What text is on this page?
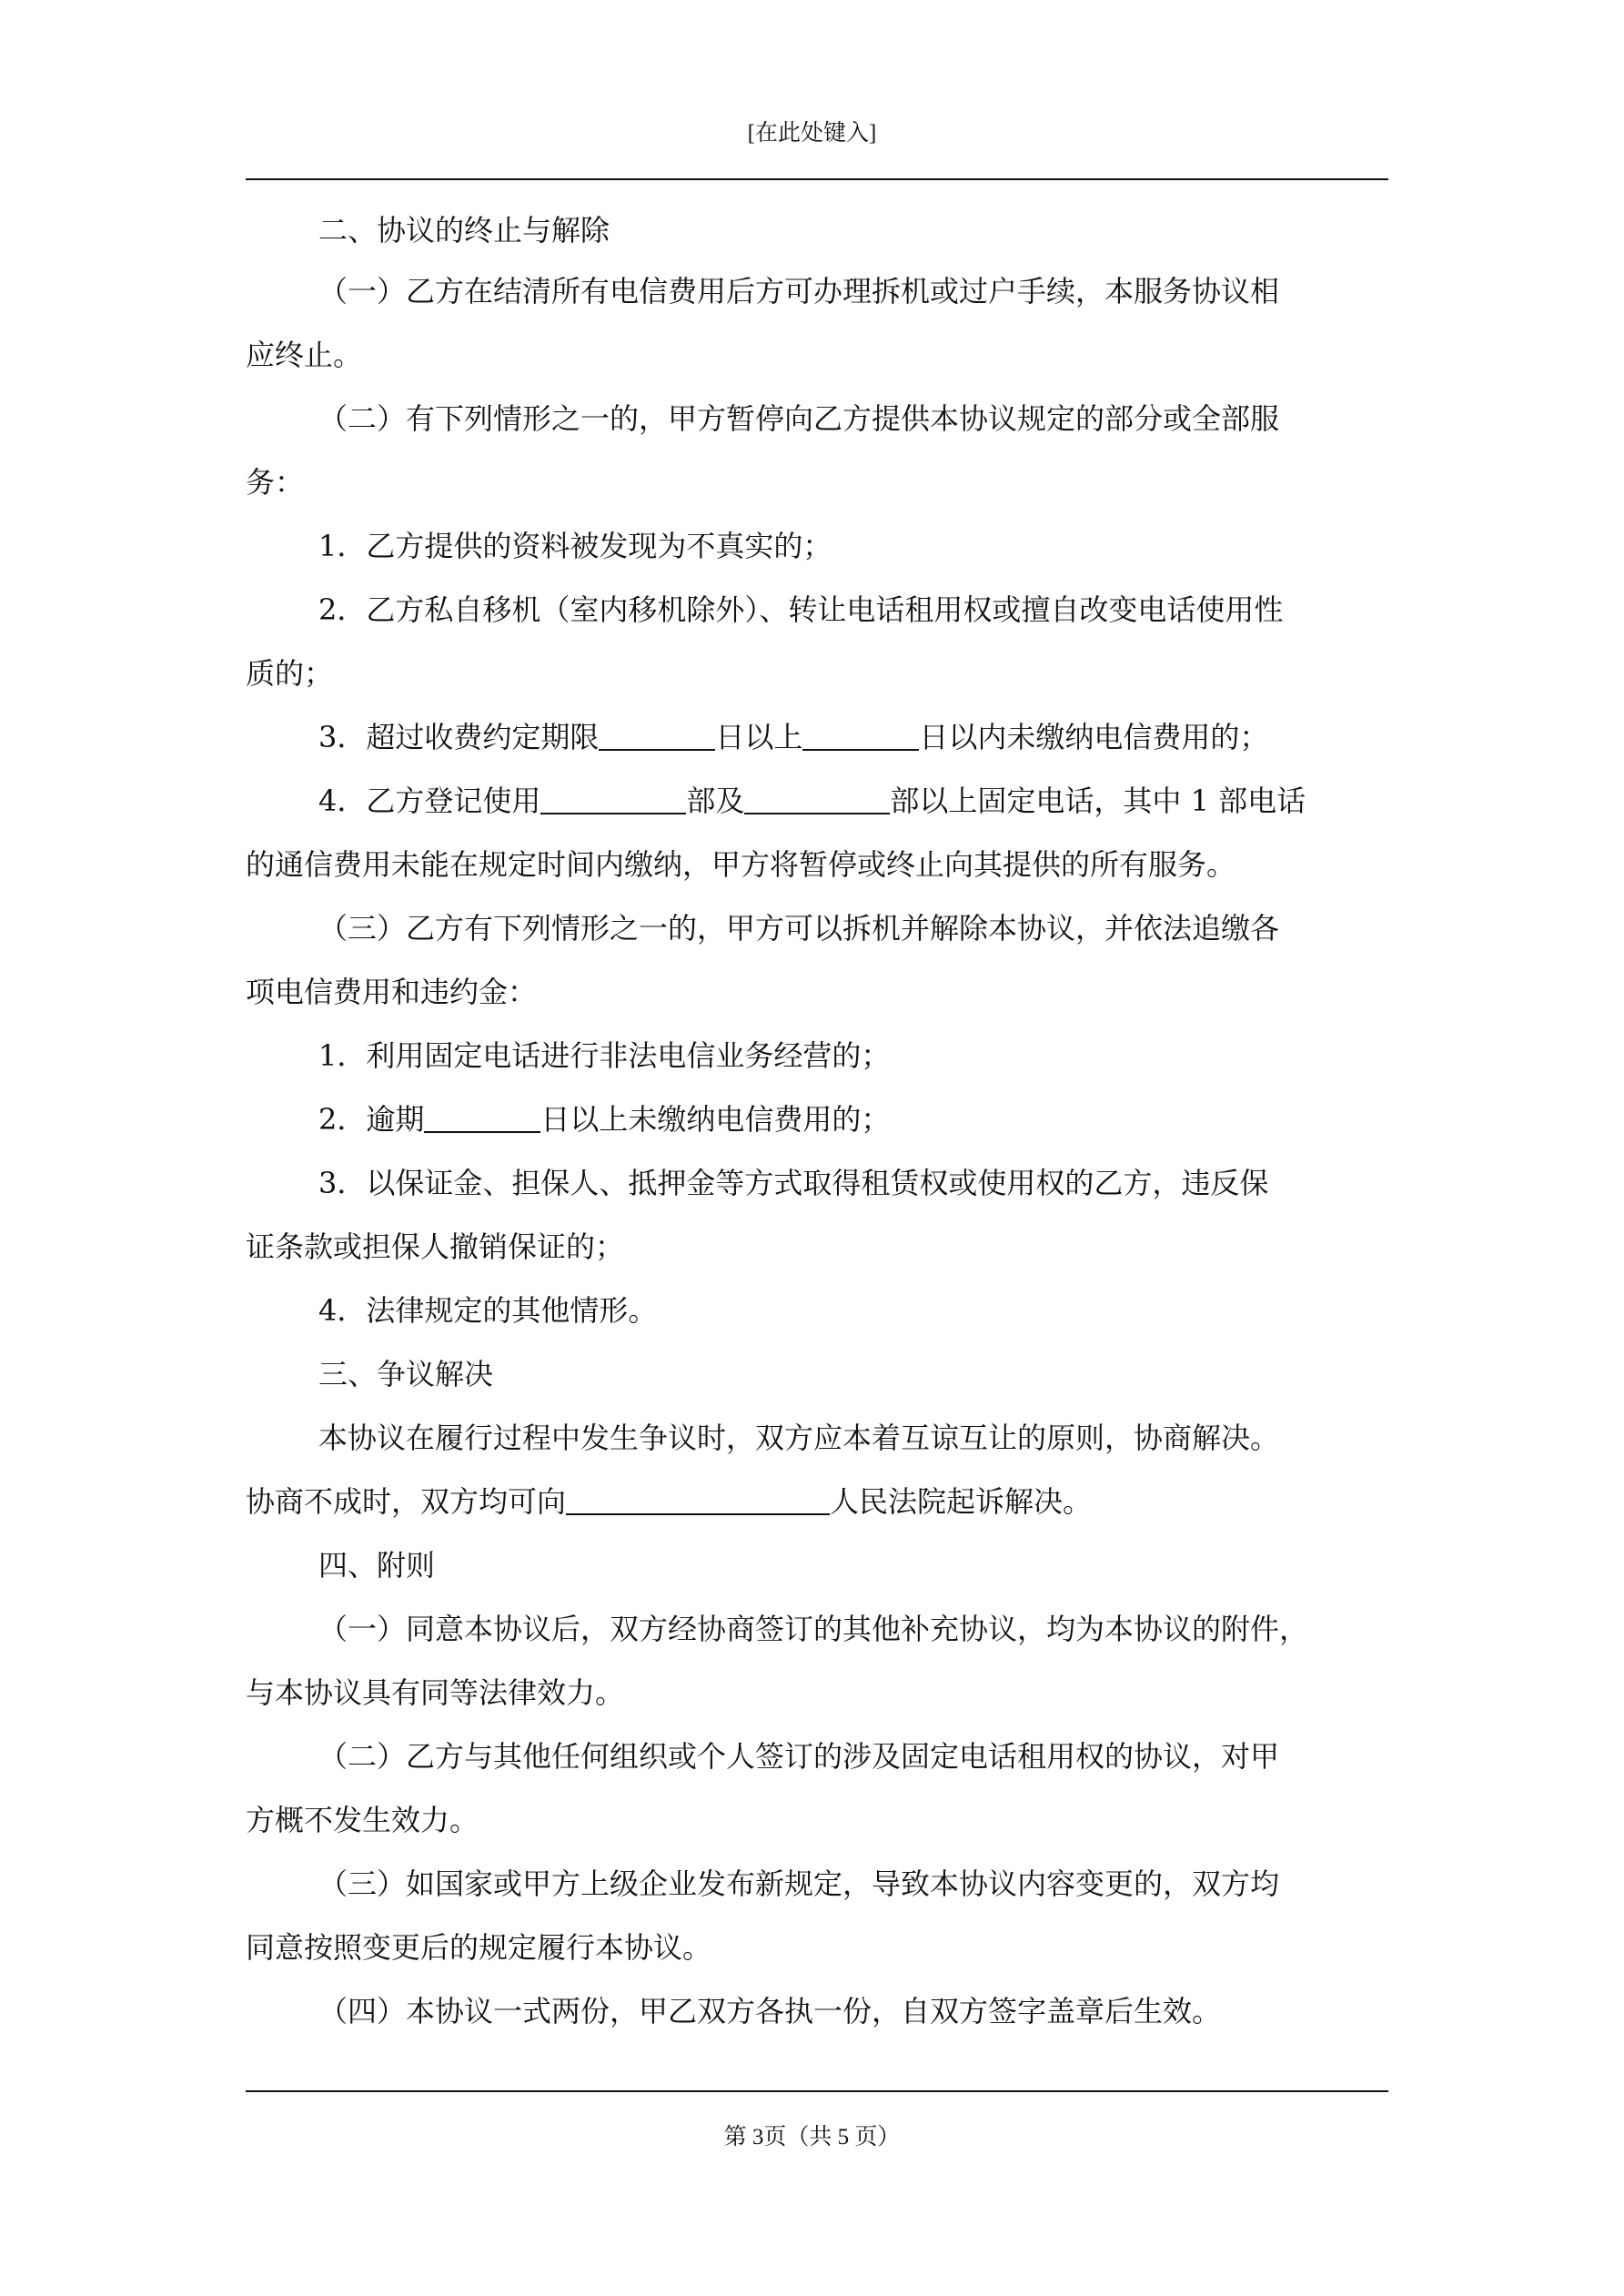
[在此处键入]
二、协议的终止与解除
（一）乙方在结清所有电信费用后方可办理拆机或过户手续，本服务协议相
应终止。
（二）有下列情形之一的，甲方暂停向乙方提供本协议规定的部分或全部服
务：
1．乙方提供的资料被发现为不真实的；
2．乙方私自移机（室内移机除外）、转让电话租用权或擅自改变电话使用性
质的；
3．超过收费约定期限	日以上	日以内未缴纳电信费用的；
4．乙方登记使用	部及	部以上固定电话，其中 1 部电话
的通信费用未能在规定时间内缴纳，甲方将暂停或终止向其提供的所有服务。
（三）乙方有下列情形之一的，甲方可以拆机并解除本协议，并依法追缴各
项电信费用和违约金：
1．利用固定电话进行非法电信业务经营的；
2．逾期	日以上未缴纳电信费用的；
3．以保证金、担保人、抵押金等方式取得租赁权或使用权的乙方，违反保
证条款或担保人撤销保证的；
4．法律规定的其他情形。
三、争议解决
本协议在履行过程中发生争议时，双方应本着互谅互让的原则，协商解决。
协商不成时，双方均可向	人民法院起诉解决。
四、附则
（一）同意本协议后，双方经协商签订的其他补充协议，均为本协议的附件，
与本协议具有同等法律效力。
（二）乙方与其他任何组织或个人签订的涉及固定电话租用权的协议，对甲
方概不发生效力。
（三）如国家或甲方上级企业发布新规定，导致本协议内容变更的，双方均
同意按照变更后的规定履行本协议。
（四）本协议一式两份，甲乙双方各执一份，自双方签字盖章后生效。
第 3页（共 5 页）
